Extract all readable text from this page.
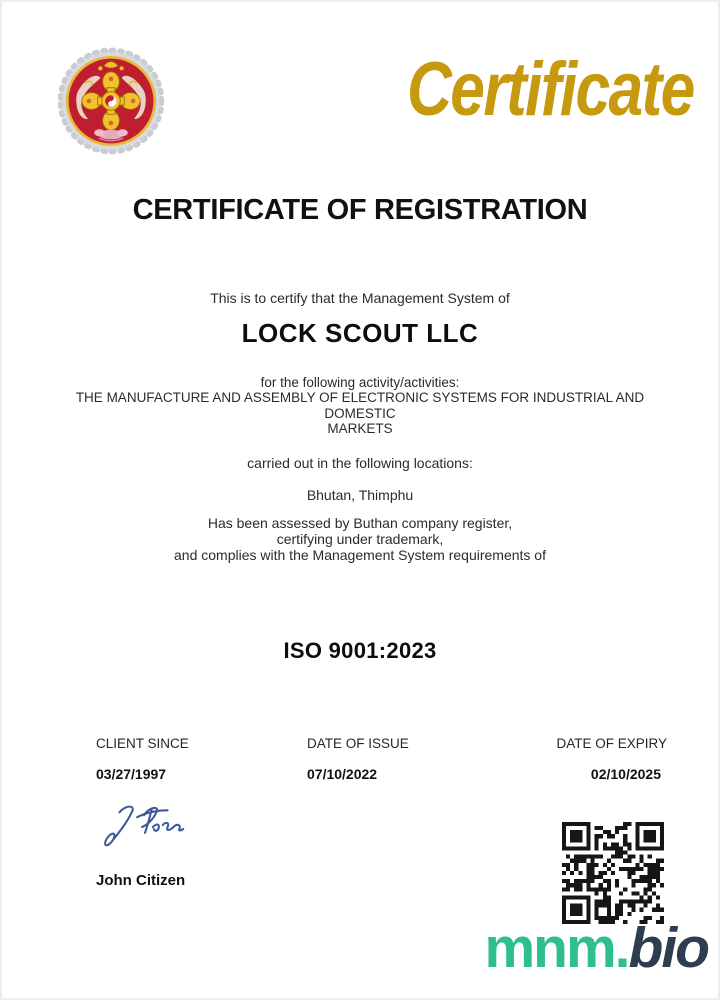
Certificate
CERTIFICATE OF REGISTRATION
This is to certify that the Management System of
LOCK SCOUT LLC
for the following activity/activities:
THE MANUFACTURE AND ASSEMBLY OF ELECTRONIC SYSTEMS FOR INDUSTRIAL AND
DOMESTIC
MARKETS
carried out in the following locations:
Bhutan, Thimphu
Has been assessed by Buthan company register,
certifying under trademark,
and complies with the Management System requirements of
ISO 9001:2023
CLIENT SINCE
03/27/1997
DATE OF ISSUE
07/10/2022
DATE OF EXPIRY
02/10/2025
John Citizen
mnm.bio
